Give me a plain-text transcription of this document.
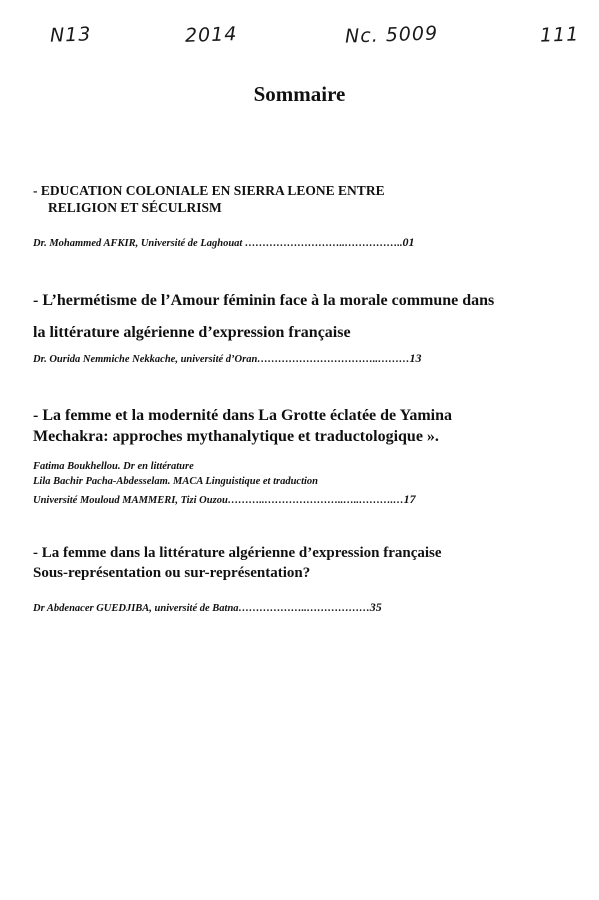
N13	2014	Nc. 5009	111
Sommaire
- EDUCATION COLONIALE EN SIERRA LEONE ENTRE
RELIGION ET SÉCULRISM
Dr. Mohammed AFKIR, Université de Laghouat ………………………..……………..01
- L’hermétisme de l’Amour féminin face à la morale commune dans
la littérature algérienne d’expression française
Dr. Ourida Nemmiche Nekkache, université d’Oran……………………………..………13
- La femme et la modernité dans La Grotte éclatée de Yamina
Mechakra: approches mythanalytique et traductologique ».
Fatima Boukhellou. Dr en littérature
Lila Bachir Pacha-Abdesselam. MACA Linguistique et traduction
Université Mouloud MAMMERI, Tizi Ouzou………..…………………..…..……….…17
- La femme dans la littérature algérienne d’expression française
Sous-représentation ou sur-représentation?
Dr Abdenacer GUEDJIBA, université de Batna………………..………………35
